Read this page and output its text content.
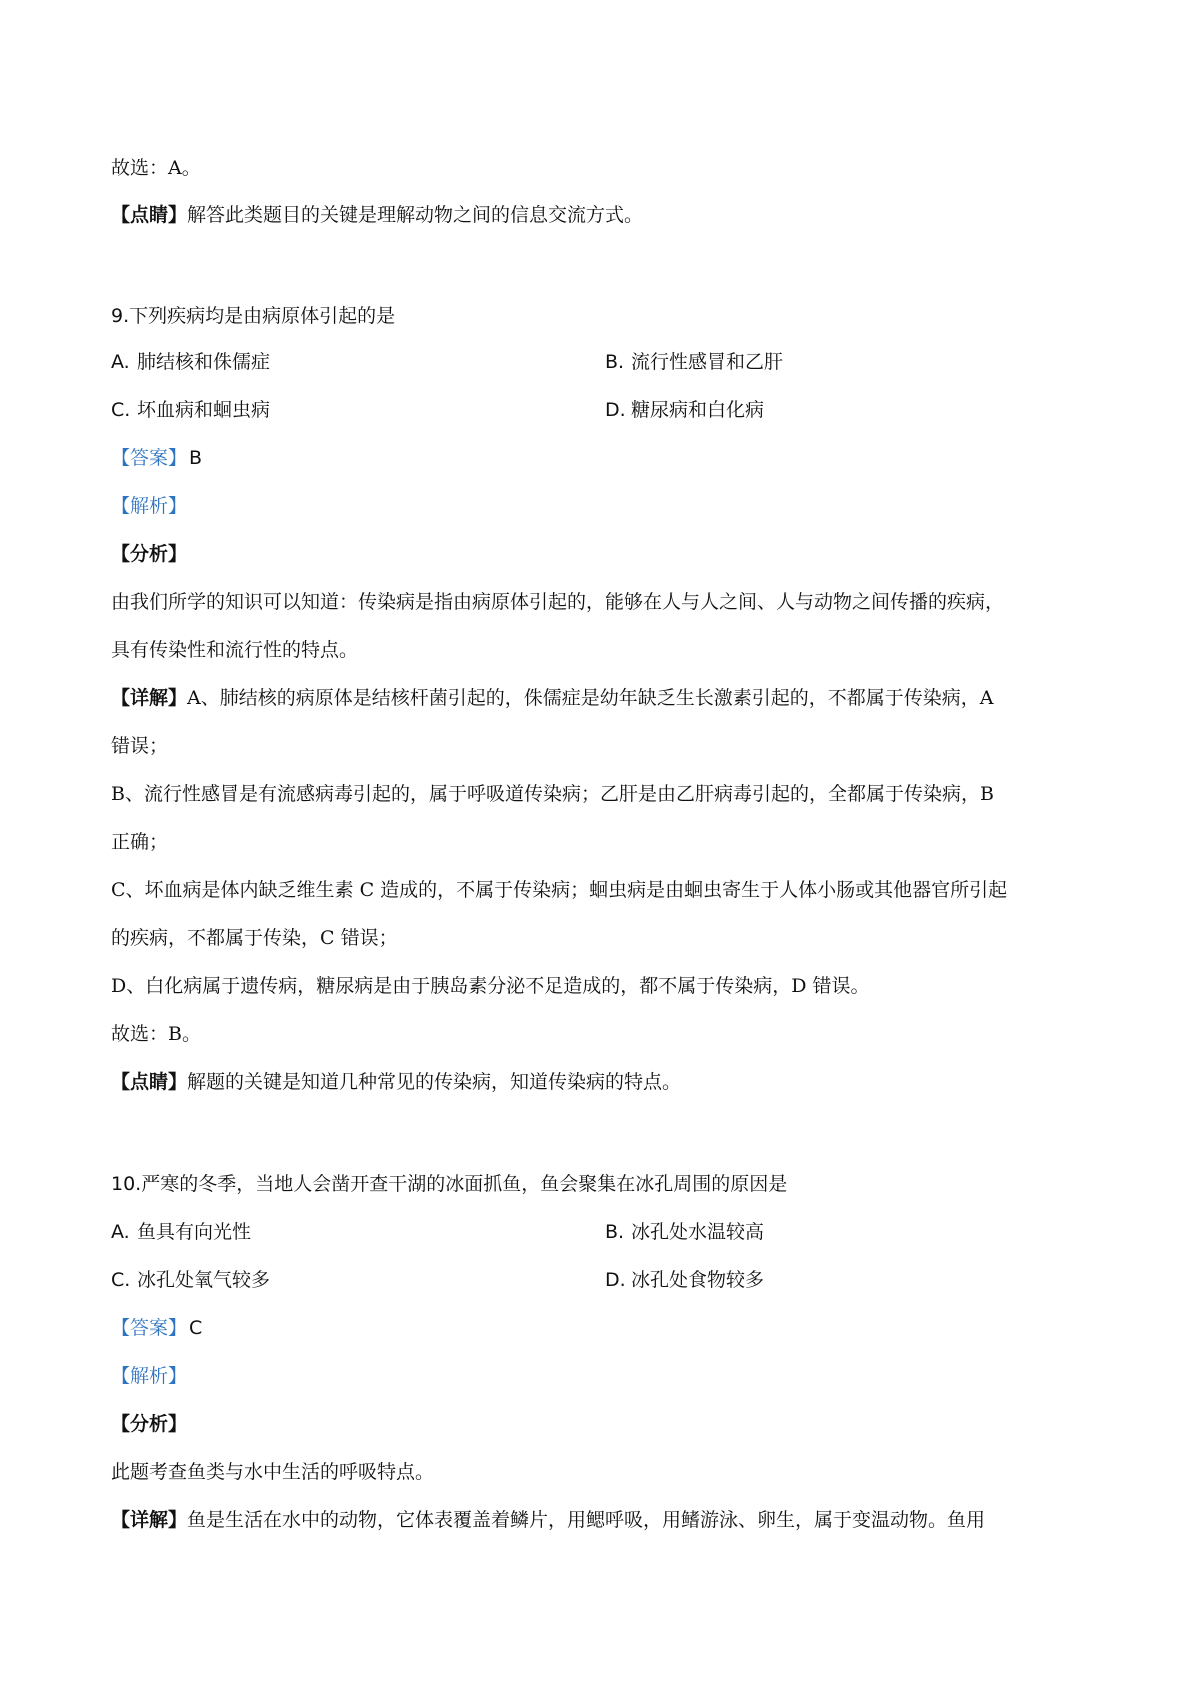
故选：A。
【点睛】解答此类题目的关键是理解动物之间的信息交流方式。
9.下列疾病均是由病原体引起的是
A. 肺结核和侏儒症	B. 流行性感冒和乙肝
C. 坏血病和蛔虫病	D. 糖尿病和白化病
【答案】 B
【解析】
【分析】
由我们所学的知识可以知道：传染病是指由病原体引起的，能够在人与人之间、人与动物之间传播的疾病，
具有传染性和流行性的特点。
【详解】A、肺结核的病原体是结核杆菌引起的，侏儒症是幼年缺乏生长激素引起的，不都属于传染病，A
错误；
B、流行性感冒是有流感病毒引起的，属于呼吸道传染病；乙肝是由乙肝病毒引起的，全都属于传染病，B
正确；
C、坏血病是体内缺乏维生素 C 造成的，不属于传染病；蛔虫病是由蛔虫寄生于人体小肠或其他器官所引起
的疾病，不都属于传染，C 错误；
D、白化病属于遗传病，糖尿病是由于胰岛素分泌不足造成的，都不属于传染病，D 错误。
故选：B。
【点睛】解题的关键是知道几种常见的传染病，知道传染病的特点。
10.严寒的冬季，当地人会凿开查干湖的冰面抓鱼，鱼会聚集在冰孔周围的原因是
A. 鱼具有向光性	B. 冰孔处水温较高
C. 冰孔处氧气较多	D. 冰孔处食物较多
【答案】 C
【解析】
【分析】
此题考查鱼类与水中生活的呼吸特点。
【详解】鱼是生活在水中的动物，它体表覆盖着鳞片，用鳃呼吸，用鳍游泳、卵生，属于变温动物。鱼用
